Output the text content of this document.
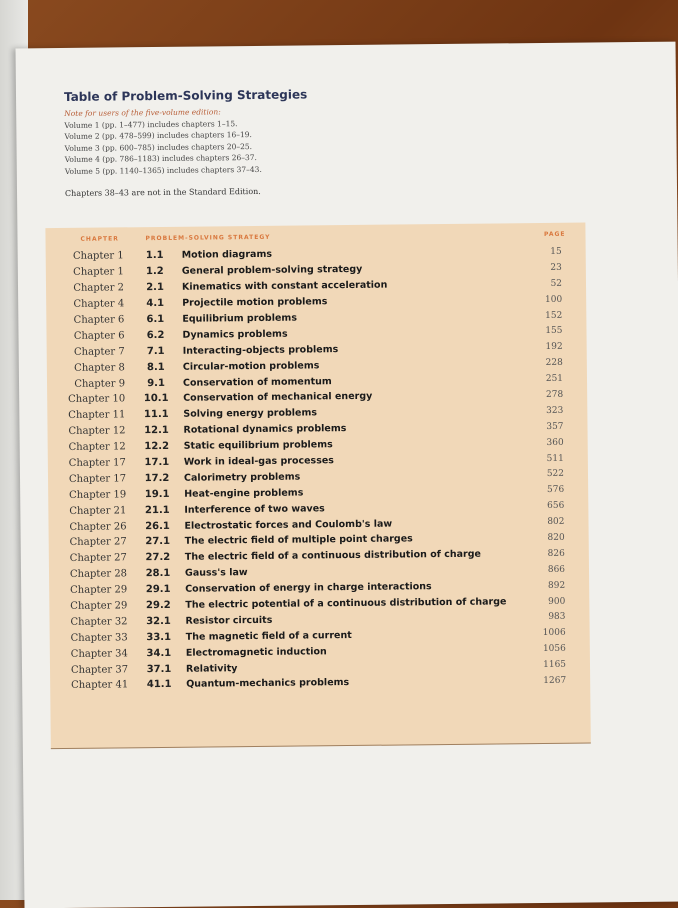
Table of Problem-Solving Strategies
Note for users of the five-volume edition:
Volume 1 (pp. 1–477) includes chapters 1–15.
Volume 2 (pp. 478–599) includes chapters 16–19.
Volume 3 (pp. 600–785) includes chapters 20–25.
Volume 4 (pp. 786–1183) includes chapters 26–37.
Volume 5 (pp. 1140–1365) includes chapters 37–43.
Chapters 38–43 are not in the Standard Edition.
CHAPTER	PROBLEM-SOLVING STRATEGY	PAGE
Chapter 1	1.1	Motion diagrams	15
Chapter 1	1.2	General problem-solving strategy	23
Chapter 2	2.1	Kinematics with constant acceleration	52
Chapter 4	4.1	Projectile motion problems	100
Chapter 6	6.1	Equilibrium problems	152
Chapter 6	6.2	Dynamics problems	155
Chapter 7	7.1	Interacting-objects problems	192
Chapter 8	8.1	Circular-motion problems	228
Chapter 9	9.1	Conservation of momentum	251
Chapter 10	10.1	Conservation of mechanical energy	278
Chapter 11	11.1	Solving energy problems	323
Chapter 12	12.1	Rotational dynamics problems	357
Chapter 12	12.2	Static equilibrium problems	360
Chapter 17	17.1	Work in ideal-gas processes	511
Chapter 17	17.2	Calorimetry problems	522
Chapter 19	19.1	Heat-engine problems	576
Chapter 21	21.1	Interference of two waves	656
Chapter 26	26.1	Electrostatic forces and Coulomb's law	802
Chapter 27	27.1	The electric field of multiple point charges	820
Chapter 27	27.2	The electric field of a continuous distribution of charge	826
Chapter 28	28.1	Gauss's law	866
Chapter 29	29.1	Conservation of energy in charge interactions	892
Chapter 29	29.2	The electric potential of a continuous distribution of charge	900
Chapter 32	32.1	Resistor circuits	983
Chapter 33	33.1	The magnetic field of a current	1006
Chapter 34	34.1	Electromagnetic induction	1056
Chapter 37	37.1	Relativity	1165
Chapter 41	41.1	Quantum-mechanics problems	1267
